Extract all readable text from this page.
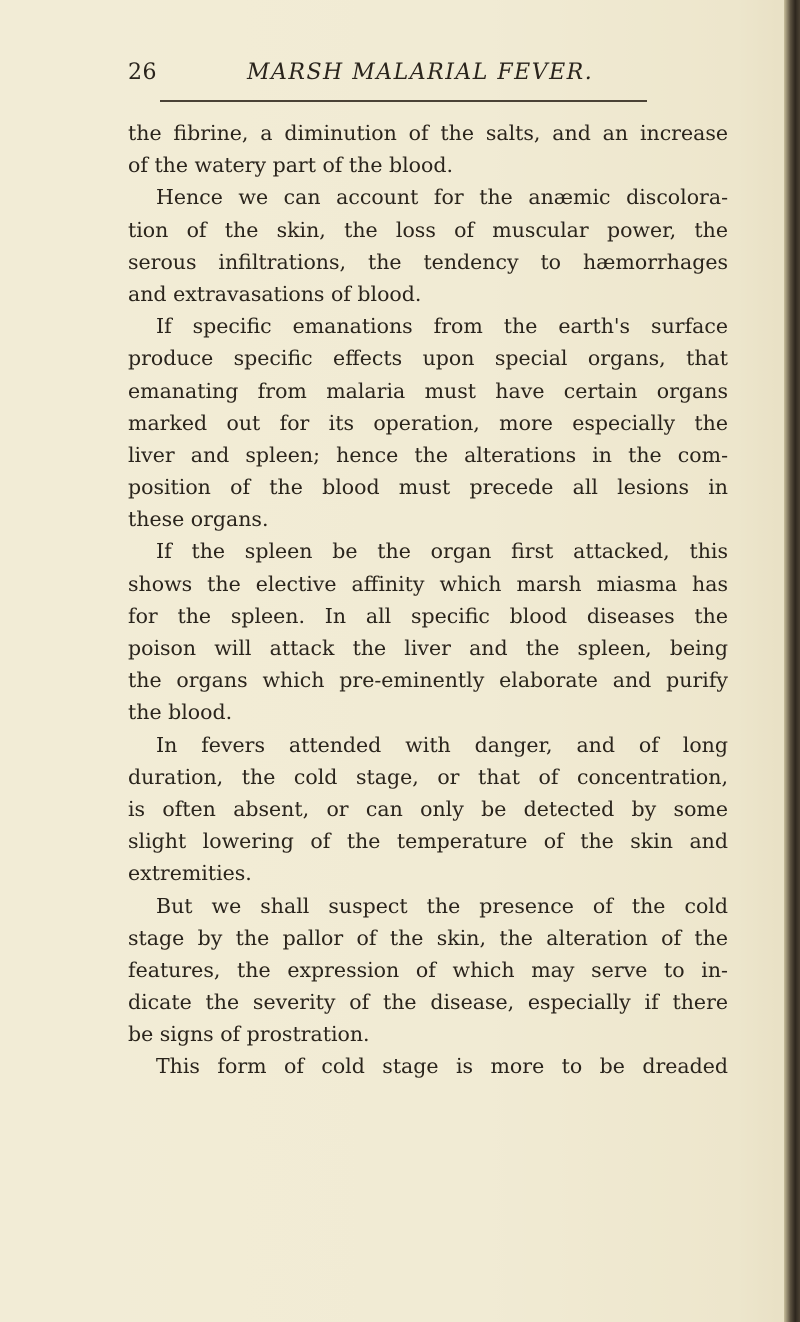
26	MARSH MALARIAL FEVER.
the fibrine, a diminution of the salts, and an increase
of the watery part of the blood.
Hence we can account for the anæmic discolora-
tion of the skin, the loss of muscular power, the
serous infiltrations, the tendency to hæmorrhages
and extravasations of blood.
If specific emanations from the earth's surface
produce specific effects upon special organs, that
emanating from malaria must have certain organs
marked out for its operation, more especially the
liver and spleen; hence the alterations in the com-
position of the blood must precede all lesions in
these organs.
If the spleen be the organ first attacked, this
shows the elective affinity which marsh miasma has
for the spleen. In all specific blood diseases the
poison will attack the liver and the spleen, being
the organs which pre-eminently elaborate and purify
the blood.
In fevers attended with danger, and of long
duration, the cold stage, or that of concentration,
is often absent, or can only be detected by some
slight lowering of the temperature of the skin and
extremities.
But we shall suspect the presence of the cold
stage by the pallor of the skin, the alteration of the
features, the expression of which may serve to in-
dicate the severity of the disease, especially if there
be signs of prostration.
This form of cold stage is more to be dreaded
